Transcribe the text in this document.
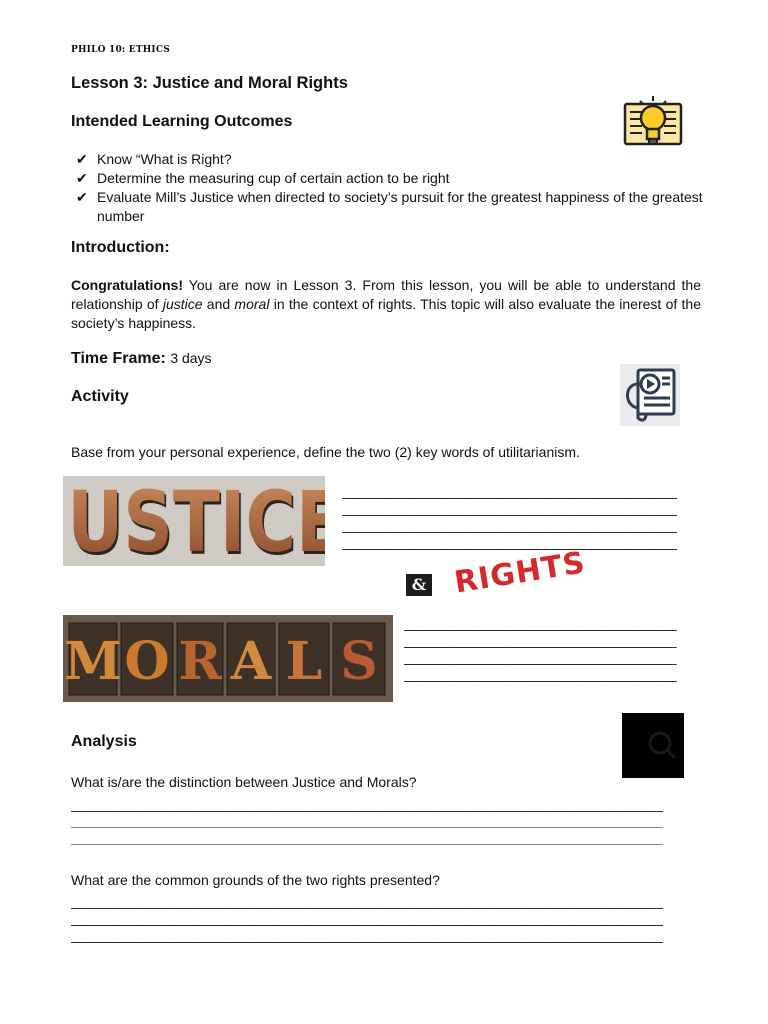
PHILO 10: ETHICS
Lesson 3: Justice and Moral Rights
Intended Learning Outcomes
✔ Know “What is Right?
✔ Determine the measuring cup of certain action to be right
✔ Evaluate Mill’s Justice when directed to society’s pursuit for the greatest happiness of the greatest number
Introduction:
Congratulations! You are now in Lesson 3. From this lesson, you will be able to understand the relationship of justice and moral in the context of rights. This topic will also evaluate the inerest of the society’s happiness.
Time Frame: 3 days
Activity
Base from your personal experience, define the two (2) key words of utilitarianism.
USTIC
USTIC	___________________________________________
___________________________________________
___________________________________________
___________________________________________
& RIGHTS
M O R A L S
___________________________________
___________________________________
___________________________________
___________________________________
Analysis
What is/are the distinction between Justice and Morals?
____________________________________________________________________________
____________________________________________________________________________
____________________________________________________________________________
What are the common grounds of the two rights presented?
____________________________________________________________________________
____________________________________________________________________________
____________________________________________________________________________
